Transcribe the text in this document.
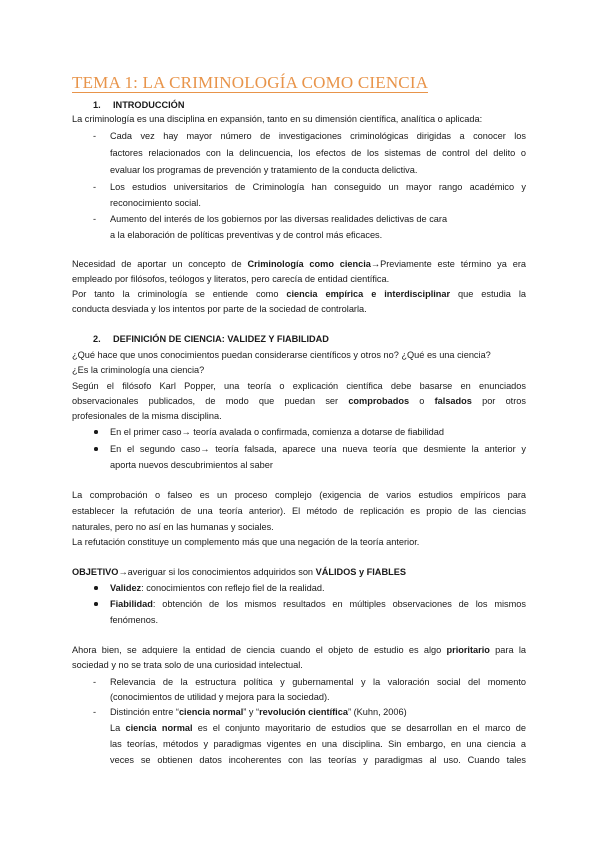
TEMA 1: LA CRIMINOLOGÍA COMO CIENCIA
1. INTRODUCCIÓN
La criminología es una disciplina en expansión, tanto en su dimensión científica, analítica o aplicada:
- Cada vez hay mayor número de investigaciones criminológicas dirigidas a conocer los
factores relacionados con la delincuencia, los efectos de los sistemas de control del delito o
evaluar los programas de prevención y tratamiento de la conducta delictiva.
- Los estudios universitarios de Criminología han conseguido un mayor rango académico y
reconocimiento social.
- Aumento del interés de los gobiernos por las diversas realidades delictivas de cara
a la elaboración de políticas preventivas y de control más eficaces.
Necesidad de aportar un concepto de Criminología como ciencia→Previamente este término ya era
empleado por filósofos, teólogos y literatos, pero carecía de entidad científica.
Por tanto la criminología se entiende como ciencia empírica e interdisciplinar que estudia la
conducta desviada y los intentos por parte de la sociedad de controlarla.
2. DEFINICIÓN DE CIENCIA: VALIDEZ Y FIABILIDAD
¿Qué hace que unos conocimientos puedan considerarse científicos y otros no? ¿Qué es una ciencia?
¿Es la criminología una ciencia?
Según el filósofo Karl Popper, una teoría o explicación científica debe basarse en enunciados
observacionales publicados, de modo que puedan ser comprobados o falsados por otros
profesionales de la misma disciplina.
En el primer caso→ teoría avalada o confirmada, comienza a dotarse de fiabilidad
En el segundo caso→ teoría falsada, aparece una nueva teoría que desmiente la anterior y
aporta nuevos descubrimientos al saber
La comprobación o falseo es un proceso complejo (exigencia de varios estudios empíricos para
establecer la refutación de una teoría anterior). El método de replicación es propio de las ciencias
naturales, pero no así en las humanas y sociales.
La refutación constituye un complemento más que una negación de la teoría anterior.
OBJETIVO→averiguar si los conocimientos adquiridos son VÁLIDOS y FIABLES
Validez: conocimientos con reflejo fiel de la realidad.
Fiabilidad: obtención de los mismos resultados en múltiples observaciones de los mismos
fenómenos.
Ahora bien, se adquiere la entidad de ciencia cuando el objeto de estudio es algo prioritario para la
sociedad y no se trata solo de una curiosidad intelectual.
- Relevancia de la estructura política y gubernamental y la valoración social del momento
(conocimientos de utilidad y mejora para la sociedad).
- Distinción entre “ciencia normal” y “revolución científica” (Kuhn, 2006)
La ciencia normal es el conjunto mayoritario de estudios que se desarrollan en el marco de
las teorías, métodos y paradigmas vigentes en una disciplina. Sin embargo, en una ciencia a
veces se obtienen datos incoherentes con las teorías y paradigmas al uso. Cuando tales
